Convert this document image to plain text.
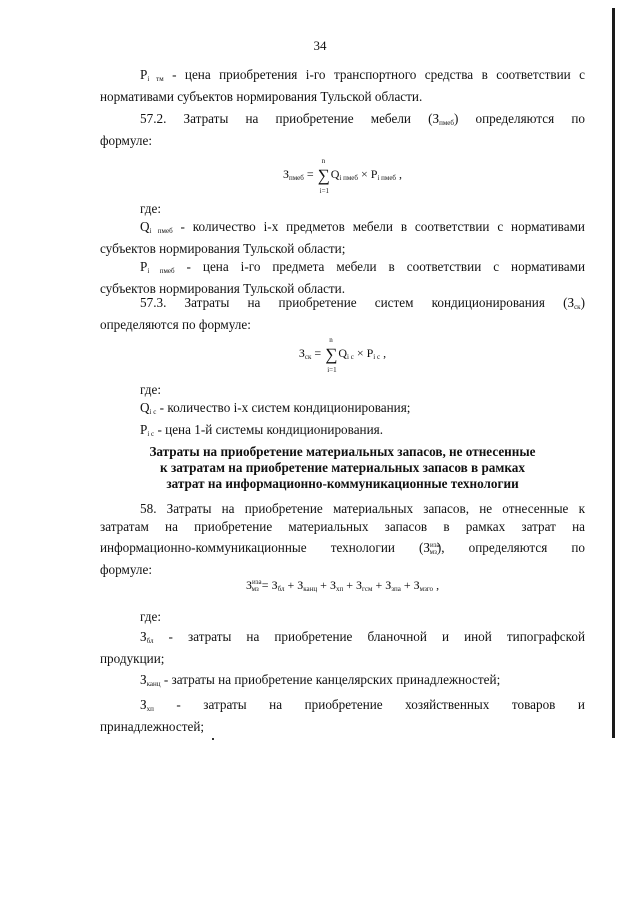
34

$P_{i тм}$ - цена приобретения i-го транспортного средства в соответствии с

нормативами субъектов нормирования Тульской области.

57.2. Затраты на приобретение мебели $(З_{пмеб})$ определяются по

формуле:

$З_{пмеб}$ = ∑
n
i=1
$Q_{i пмеб} \times P_{i пмеб}$ ,

где:

$Q_{i пмеб}$ - количество i-х предметов мебели в соответствии с нормативами

субъектов нормирования Тульской области;

$P_{i пмеб}$ - цена i-го предмета мебели в соответствии с нормативами

субъектов нормирования Тульской области.

57.3. Затраты на приобретение систем кондиционирования $(З_{ск})$

определяются по формуле:

$З_{ск}$ = ∑
n
i=1
$Q_{i с} \times P_{i с}$ ,

где:

$Q_{i с}$ - количество i-х систем кондиционирования;

$P_{i с}$ - цена 1-й системы кондиционирования.

Затраты на приобретение материальных запасов, не отнесенные
к затратам на приобретение материальных запасов в рамках
затрат на информационно-коммуникационные технологии

58. Затраты на приобретение материальных запасов, не отнесенные к

затратам на приобретение материальных запасов в рамках затрат на

информационно-коммуникационные технологии $(З^{иза}_{мз})$, определяются по

формуле:

$З^{иза}_{мз} = З_{бл} + З_{канц} + З_{хп} + З_{гсм} + З_{зпа} + З_{мзго}$ ,

где:

$З_{бл}$ - затраты на приобретение бланочной и иной типографской

продукции;

$З_{канц}$ - затраты на приобретение канцелярских принадлежностей;

$З_{хп}$ - затраты на приобретение хозяйственных товаров и

принадлежностей;
